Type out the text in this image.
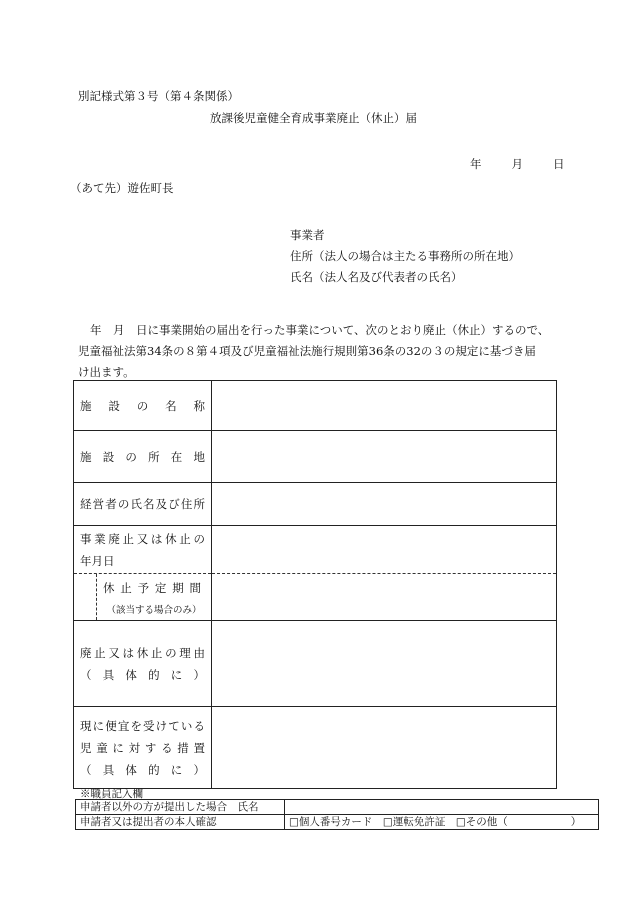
別記様式第３号（第４条関係）
放課後児童健全育成事業廃止（休止）届
年	月	日
（あて先）遊佐町長
事業者
住所（法人の場合は主たる事務所の所在地）
氏名（法人名及び代表者の氏名）
年　月　日に事業開始の届出を行った事業について、次のとおり廃止（休止）するので、
児童福祉法第34条の８第４項及び児童福祉法施行規則第36条の32の３の規定に基づき届
け出ます。
施設の名称	

施設の所在地	

経営者の氏名及び住所	

事業廃止又は休止の
年月日	

休止予定期間
（該当する場合のみ）	

廃止又は休止の理由
（具体的に）	

現に便宜を受けている
児童に対する措置
（具体的に）	

※職員記入欄
申請者以外の方が提出した場合　氏名	
申請者又は提出者の本人確認	□個人番号カード　□運転免許証　□その他（　　　　　　）
